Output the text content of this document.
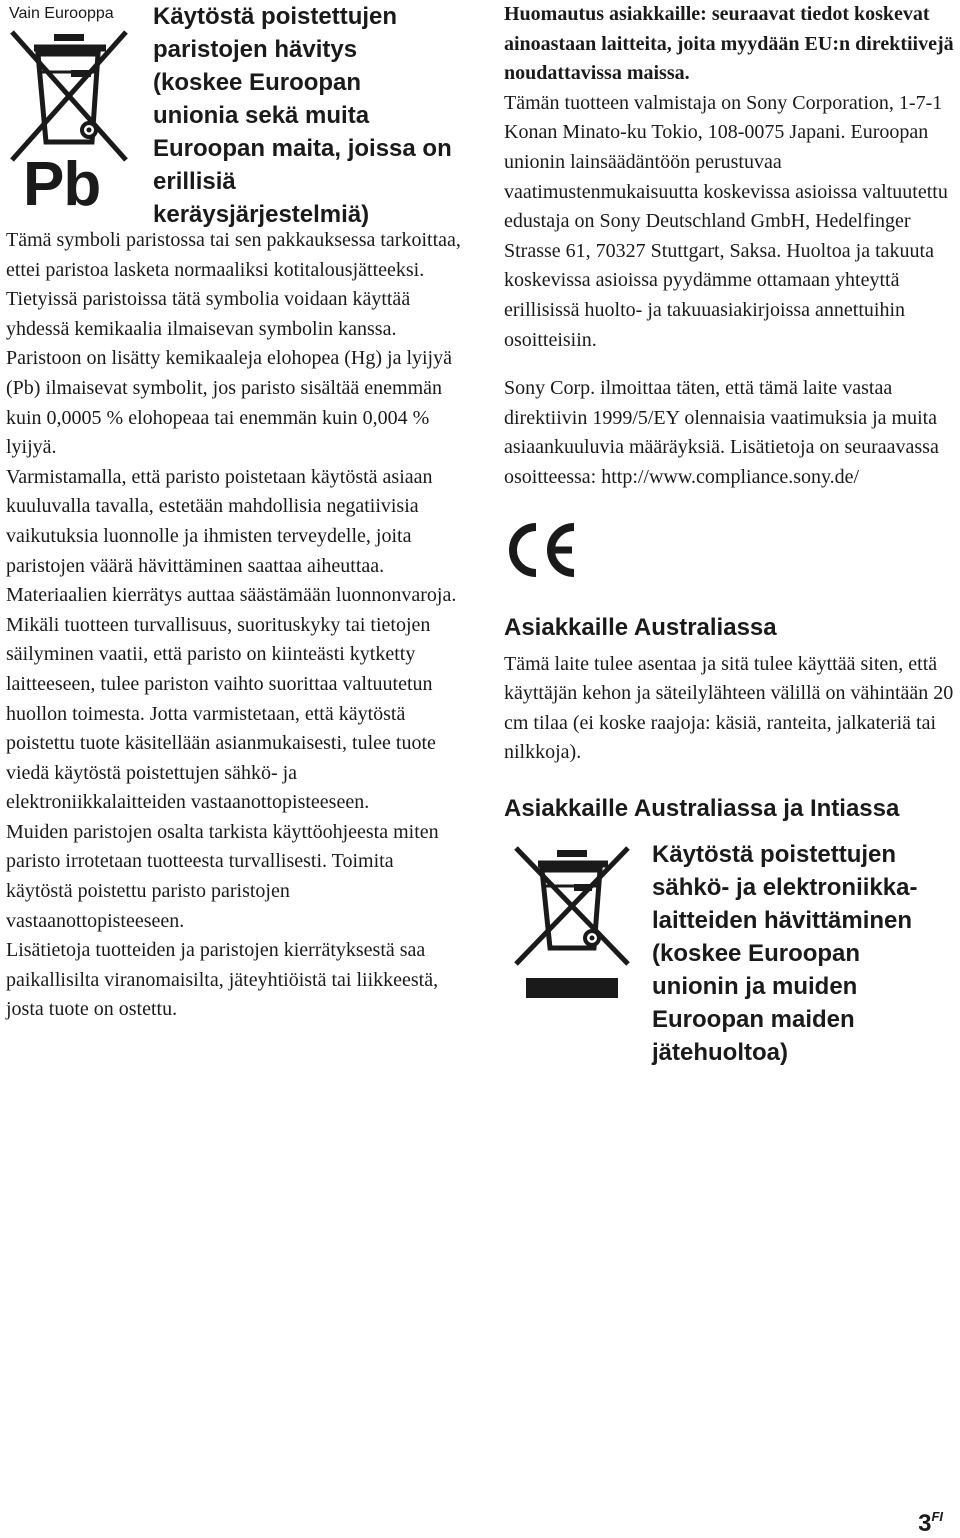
Vain Eurooppa
Pb
Käytöstä poistettujen paristojen hävitys (koskee Euroopan unionia sekä muita Euroopan maita, joissa on erillisiä keräysjärjestelmiä)

Tämä symboli paristossa tai sen pakkauksessa tarkoittaa, ettei paristoa lasketa normaaliksi kotitalousjätteeksi.

Tietyissä paristoissa tätä symbolia voidaan käyttää yhdessä kemikaalia ilmaisevan symbolin kanssa. Paristoon on lisätty kemikaaleja elohopea (Hg) ja lyijyä (Pb) ilmaisevat symbolit, jos paristo sisältää enemmän kuin 0,0005 % elohopeaa tai enemmän kuin 0,004 % lyijyä.

Varmistamalla, että paristo poistetaan käytöstä asiaan kuuluvalla tavalla, estetään mahdollisia negatiivisia vaikutuksia luonnolle ja ihmisten terveydelle, joita paristojen väärä hävittäminen saattaa aiheuttaa. Materiaalien kierrätys auttaa säästämään luonnonvaroja.

Mikäli tuotteen turvallisuus, suorituskyky tai tietojen säilyminen vaatii, että paristo on kiinteästi kytketty laitteeseen, tulee pariston vaihto suorittaa valtuutetun huollon toimesta. Jotta varmistetaan, että käytöstä poistettu tuote käsitellään asianmukaisesti, tulee tuote viedä käytöstä poistettujen sähkö- ja elektroniikkalaitteiden vastaanottopisteeseen.

Muiden paristojen osalta tarkista käyttöohjeesta miten paristo irrotetaan tuotteesta turvallisesti. Toimita käytöstä poistettu paristo paristojen vastaanottopisteeseen.

Lisätietoja tuotteiden ja paristojen kierrätyksestä saa paikallisilta viranomaisilta, jäteyhtiöistä tai liikkeestä, josta tuote on ostettu.

Huomautus asiakkaille: seuraavat tiedot koskevat ainoastaan laitteita, joita myydään EU:n direktiivejä noudattavissa maissa.

Tämän tuotteen valmistaja on Sony Corporation, 1-7-1 Konan Minato-ku Tokio, 108-0075 Japani. Euroopan unionin lainsäädäntöön perustuvaa vaatimustenmukaisuutta koskevissa asioissa valtuutettu edustaja on Sony Deutschland GmbH, Hedelfinger Strasse 61, 70327 Stuttgart, Saksa. Huoltoa ja takuuta koskevissa asioissa pyydämme ottamaan yhteyttä erillisissä huolto- ja takuuasiakirjoissa annettuihin osoitteisiin.

Sony Corp. ilmoittaa täten, että tämä laite vastaa direktiivin 1999/5/EY olennaisia vaatimuksia ja muita asiaankuuluvia määräyksiä. Lisätietoja on seuraavassa osoitteessa: http://www.compliance.sony.de/

Asiakkaille Australiassa

Tämä laite tulee asentaa ja sitä tulee käyttää siten, että käyttäjän kehon ja säteilylähteen välillä on vähintään 20 cm tilaa (ei koske raajoja: käsiä, ranteita, jalkateriä tai nilkkoja).

Asiakkaille Australiassa ja Intiassa
Käytöstä poistettujen sähkö- ja elektroniikka-laitteiden hävittäminen (koskee Euroopan unionin ja muiden Euroopan maiden jätehuoltoa)
$3^{FI}$
